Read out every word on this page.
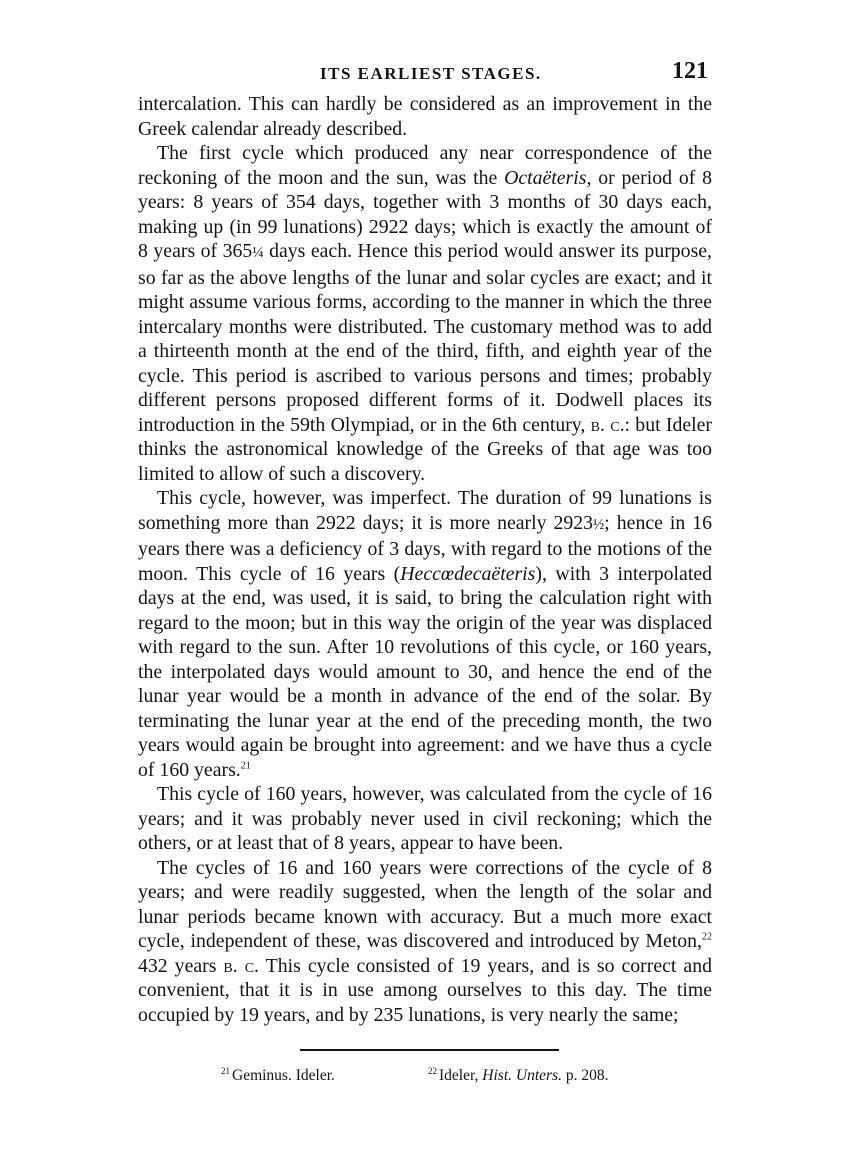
ITS EARLIEST STAGES.	121

intercalation. This can hardly be considered as an improvement in the Greek calendar already described.

The first cycle which produced any near correspondence of the reckoning of the moon and the sun, was the Octaëteris, or period of 8 years: 8 years of 354 days, together with 3 months of 30 days each, making up (in 99 lunations) 2922 days; which is exactly the amount of 8 years of 365¼ days each. Hence this period would answer its purpose, so far as the above lengths of the lunar and solar cycles are exact; and it might assume various forms, according to the manner in which the three intercalary months were distributed. The customary method was to add a thirteenth month at the end of the third, fifth, and eighth year of the cycle. This period is ascribed to various persons and times; probably different persons proposed different forms of it. Dodwell places its introduction in the 59th Olympiad, or in the 6th century, b. c.: but Ideler thinks the astronomical knowledge of the Greeks of that age was too limited to allow of such a discovery.

This cycle, however, was imperfect. The duration of 99 lunations is something more than 2922 days; it is more nearly 2923½; hence in 16 years there was a deficiency of 3 days, with regard to the motions of the moon. This cycle of 16 years (Heccœdecaëteris), with 3 interpolated days at the end, was used, it is said, to bring the calculation right with regard to the moon; but in this way the origin of the year was displaced with regard to the sun. After 10 revolutions of this cycle, or 160 years, the interpolated days would amount to 30, and hence the end of the lunar year would be a month in advance of the end of the solar. By terminating the lunar year at the end of the preceding month, the two years would again be brought into agreement: and we have thus a cycle of 160 years.$^{21}$

This cycle of 160 years, however, was calculated from the cycle of 16 years; and it was probably never used in civil reckoning; which the others, or at least that of 8 years, appear to have been.

The cycles of 16 and 160 years were corrections of the cycle of 8 years; and were readily suggested, when the length of the solar and lunar periods became known with accuracy. But a much more exact cycle, independent of these, was discovered and introduced by Meton,$^{22}$ 432 years b. c. This cycle consisted of 19 years, and is so correct and convenient, that it is in use among ourselves to this day. The time occupied by 19 years, and by 235 lunations, is very nearly the same;

$^{21}$ Geminus. Ideler.	$^{22}$ Ideler, Hist. Unters. p. 208.
